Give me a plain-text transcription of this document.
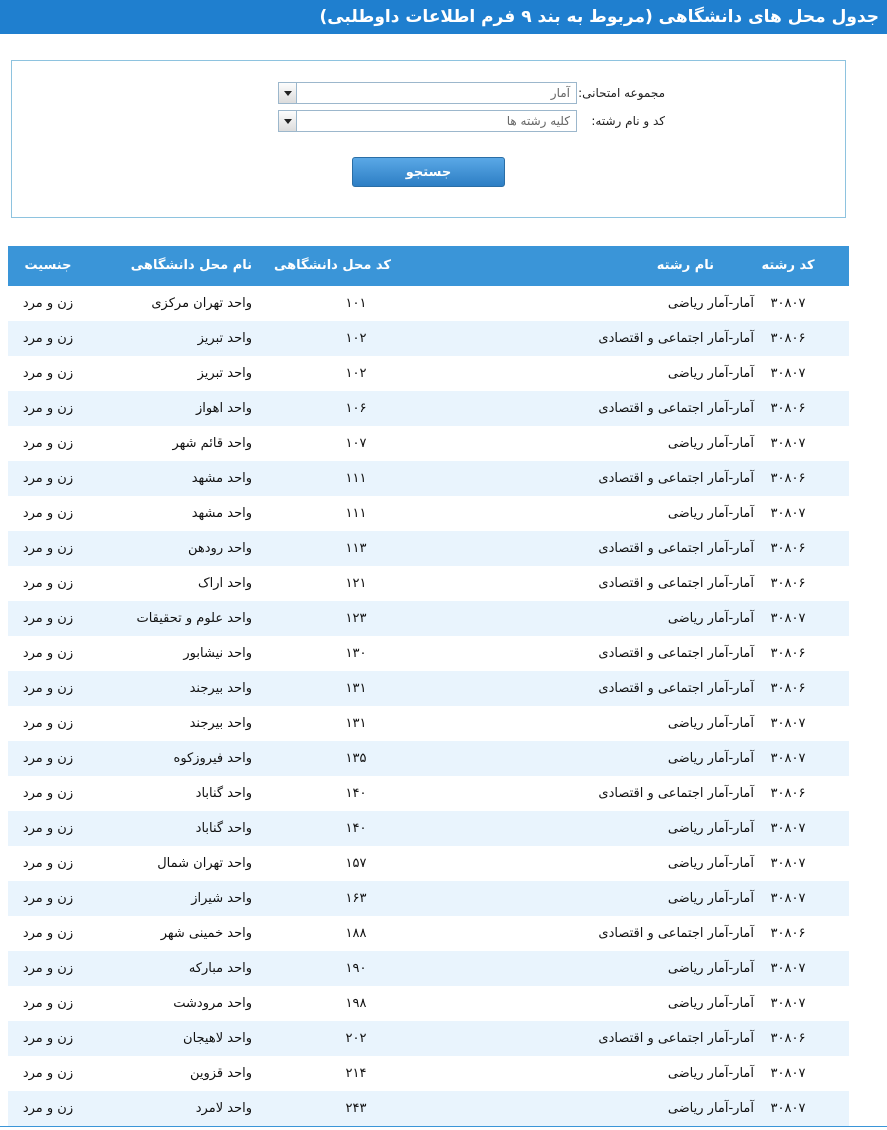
جدول محل های دانشگاهی (مربوط به بند ۹ فرم اطلاعات داوطلبی)
مجموعه امتحانی:
آمار
کد و نام رشته:
کلیه رشته ها
جستجو
کد رشته
نام رشته
کد محل دانشگاهی
نام محل دانشگاهی
جنسیت
۳۰۸۰۷
آمار-آمار ریاضی
۱۰۱
واحد تهران مرکزی
زن و مرد
۳۰۸۰۶
آمار-آمار اجتماعی و اقتصادی
۱۰۲
واحد تبریز
زن و مرد
۳۰۸۰۷
آمار-آمار ریاضی
۱۰۲
واحد تبریز
زن و مرد
۳۰۸۰۶
آمار-آمار اجتماعی و اقتصادی
۱۰۶
واحد اهواز
زن و مرد
۳۰۸۰۷
آمار-آمار ریاضی
۱۰۷
واحد قائم شهر
زن و مرد
۳۰۸۰۶
آمار-آمار اجتماعی و اقتصادی
۱۱۱
واحد مشهد
زن و مرد
۳۰۸۰۷
آمار-آمار ریاضی
۱۱۱
واحد مشهد
زن و مرد
۳۰۸۰۶
آمار-آمار اجتماعی و اقتصادی
۱۱۳
واحد رودهن
زن و مرد
۳۰۸۰۶
آمار-آمار اجتماعی و اقتصادی
۱۲۱
واحد اراک
زن و مرد
۳۰۸۰۷
آمار-آمار ریاضی
۱۲۳
واحد علوم و تحقیقات
زن و مرد
۳۰۸۰۶
آمار-آمار اجتماعی و اقتصادی
۱۳۰
واحد نیشابور
زن و مرد
۳۰۸۰۶
آمار-آمار اجتماعی و اقتصادی
۱۳۱
واحد بیرجند
زن و مرد
۳۰۸۰۷
آمار-آمار ریاضی
۱۳۱
واحد بیرجند
زن و مرد
۳۰۸۰۷
آمار-آمار ریاضی
۱۳۵
واحد فیروزکوه
زن و مرد
۳۰۸۰۶
آمار-آمار اجتماعی و اقتصادی
۱۴۰
واحد گناباد
زن و مرد
۳۰۸۰۷
آمار-آمار ریاضی
۱۴۰
واحد گناباد
زن و مرد
۳۰۸۰۷
آمار-آمار ریاضی
۱۵۷
واحد تهران شمال
زن و مرد
۳۰۸۰۷
آمار-آمار ریاضی
۱۶۳
واحد شیراز
زن و مرد
۳۰۸۰۶
آمار-آمار اجتماعی و اقتصادی
۱۸۸
واحد خمینی شهر
زن و مرد
۳۰۸۰۷
آمار-آمار ریاضی
۱۹۰
واحد مبارکه
زن و مرد
۳۰۸۰۷
آمار-آمار ریاضی
۱۹۸
واحد مرودشت
زن و مرد
۳۰۸۰۶
آمار-آمار اجتماعی و اقتصادی
۲۰۲
واحد لاهیجان
زن و مرد
۳۰۸۰۷
آمار-آمار ریاضی
۲۱۴
واحد قزوین
زن و مرد
۳۰۸۰۷
آمار-آمار ریاضی
۲۴۳
واحد لامرد
زن و مرد
